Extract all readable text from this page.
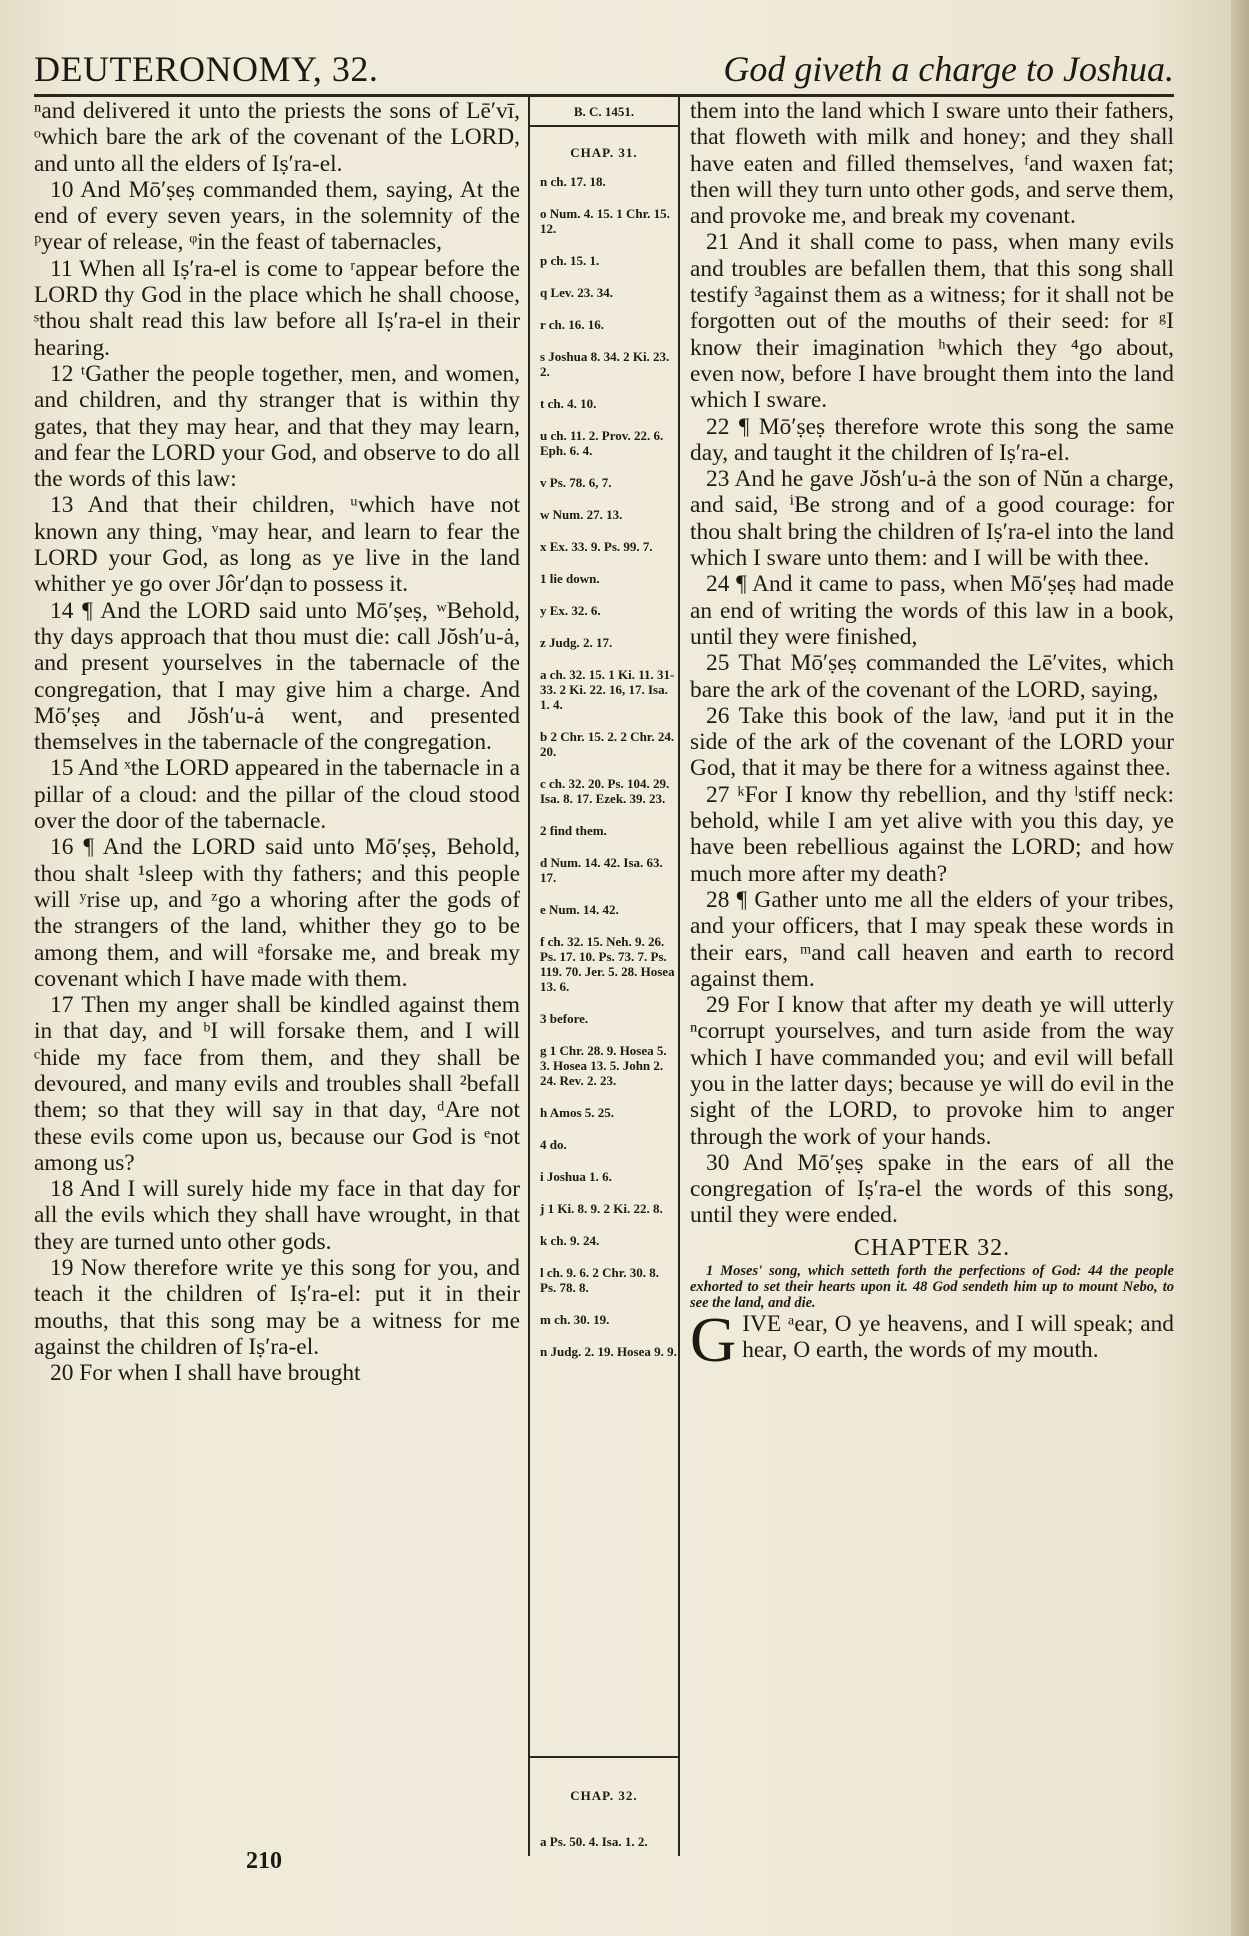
DEUTERONOMY, 32.	God giveth a charge to Joshua.

ⁿand delivered it unto the priests the sons of Lē′vī, ᵒwhich bare the ark of the covenant of the LORD, and unto all the elders of Iṣ′ra-el.

10 And Mō′ṣeṣ commanded them, saying, At the end of every seven years, in the solemnity of the ᵖyear of release, ᵠin the feast of tabernacles,

11 When all Iṣ′ra-el is come to ʳappear before the LORD thy God in the place which he shall choose, ˢthou shalt read this law before all Iṣ′ra-el in their hearing.

12 ᵗGather the people together, men, and women, and children, and thy stranger that is within thy gates, that they may hear, and that they may learn, and fear the LORD your God, and observe to do all the words of this law:

13 And that their children, ᵘwhich have not known any thing, ᵛmay hear, and learn to fear the LORD your God, as long as ye live in the land whither ye go over Jôr′dạn to possess it.

14 ¶ And the LORD said unto Mō′ṣeṣ, ʷBehold, thy days approach that thou must die: call Jŏsh′u-ȧ, and present yourselves in the tabernacle of the congregation, that I may give him a charge. And Mō′ṣeṣ and Jŏsh′u-ȧ went, and presented themselves in the tabernacle of the congregation.

15 And ˣthe LORD appeared in the tabernacle in a pillar of a cloud: and the pillar of the cloud stood over the door of the tabernacle.

16 ¶ And the LORD said unto Mō′ṣeṣ, Behold, thou shalt ¹sleep with thy fathers; and this people will ʸrise up, and ᶻgo a whoring after the gods of the strangers of the land, whither they go to be among them, and will ᵃforsake me, and break my covenant which I have made with them.

17 Then my anger shall be kindled against them in that day, and ᵇI will forsake them, and I will ᶜhide my face from them, and they shall be devoured, and many evils and troubles shall ²befall them; so that they will say in that day, ᵈAre not these evils come upon us, because our God is ᵉnot among us?

18 And I will surely hide my face in that day for all the evils which they shall have wrought, in that they are turned unto other gods.

19 Now therefore write ye this song for you, and teach it the children of Iṣ′ra-el: put it in their mouths, that this song may be a witness for me against the children of Iṣ′ra-el.

20 For when I shall have brought

B. C. 1451.
CHAP. 31.
n ch. 17. 18.
o Num. 4. 15. 1 Chr. 15. 12.
p ch. 15. 1.
q Lev. 23. 34.
r ch. 16. 16.
s Joshua 8. 34. 2 Ki. 23. 2.
t ch. 4. 10.
u ch. 11. 2. Prov. 22. 6. Eph. 6. 4.
v Ps. 78. 6, 7.
w Num. 27. 13.
x Ex. 33. 9. Ps. 99. 7.
1 lie down.
y Ex. 32. 6.
z Judg. 2. 17.
a ch. 32. 15. 1 Ki. 11. 31-33. 2 Ki. 22. 16, 17. Isa. 1. 4.
b 2 Chr. 15. 2. 2 Chr. 24. 20.
c ch. 32. 20. Ps. 104. 29. Isa. 8. 17. Ezek. 39. 23.
2 find them.
d Num. 14. 42. Isa. 63. 17.
e Num. 14. 42.
f ch. 32. 15. Neh. 9. 26. Ps. 17. 10. Ps. 73. 7. Ps. 119. 70. Jer. 5. 28. Hosea 13. 6.
3 before.
g 1 Chr. 28. 9. Hosea 5. 3. Hosea 13. 5. John 2. 24. Rev. 2. 23.
h Amos 5. 25.
4 do.
i Joshua 1. 6.
j 1 Ki. 8. 9. 2 Ki. 22. 8.
k ch. 9. 24.
l ch. 9. 6. 2 Chr. 30. 8. Ps. 78. 8.
m ch. 30. 19.
n Judg. 2. 19. Hosea 9. 9.
CHAP. 32.
a Ps. 50. 4. Isa. 1. 2.

them into the land which I sware unto their fathers, that floweth with milk and honey; and they shall have eaten and filled themselves, ᶠand waxen fat; then will they turn unto other gods, and serve them, and provoke me, and break my covenant.

21 And it shall come to pass, when many evils and troubles are befallen them, that this song shall testify ³against them as a witness; for it shall not be forgotten out of the mouths of their seed: for ᵍI know their imagination ʰwhich they ⁴go about, even now, before I have brought them into the land which I sware.

22 ¶ Mō′ṣeṣ therefore wrote this song the same day, and taught it the children of Iṣ′ra-el.

23 And he gave Jŏsh′u-ȧ the son of Nŭn a charge, and said, ⁱBe strong and of a good courage: for thou shalt bring the children of Iṣ′ra-el into the land which I sware unto them: and I will be with thee.

24 ¶ And it came to pass, when Mō′ṣeṣ had made an end of writing the words of this law in a book, until they were finished,

25 That Mō′ṣeṣ commanded the Lē′vites, which bare the ark of the covenant of the LORD, saying,

26 Take this book of the law, ʲand put it in the side of the ark of the covenant of the LORD your God, that it may be there for a witness against thee.

27 ᵏFor I know thy rebellion, and thy ˡstiff neck: behold, while I am yet alive with you this day, ye have been rebellious against the LORD; and how much more after my death?

28 ¶ Gather unto me all the elders of your tribes, and your officers, that I may speak these words in their ears, ᵐand call heaven and earth to record against them.

29 For I know that after my death ye will utterly ⁿcorrupt yourselves, and turn aside from the way which I have commanded you; and evil will befall you in the latter days; because ye will do evil in the sight of the LORD, to provoke him to anger through the work of your hands.

30 And Mō′ṣeṣ spake in the ears of all the congregation of Iṣ′ra-el the words of this song, until they were ended.

CHAPTER 32.

1 Moses' song, which setteth forth the perfections of God: 44 the people exhorted to set their hearts upon it. 48 God sendeth him up to mount Nebo, to see the land, and die.

GIVE ᵃear, O ye heavens, and I will speak; and hear, O earth, the words of my mouth.

210
